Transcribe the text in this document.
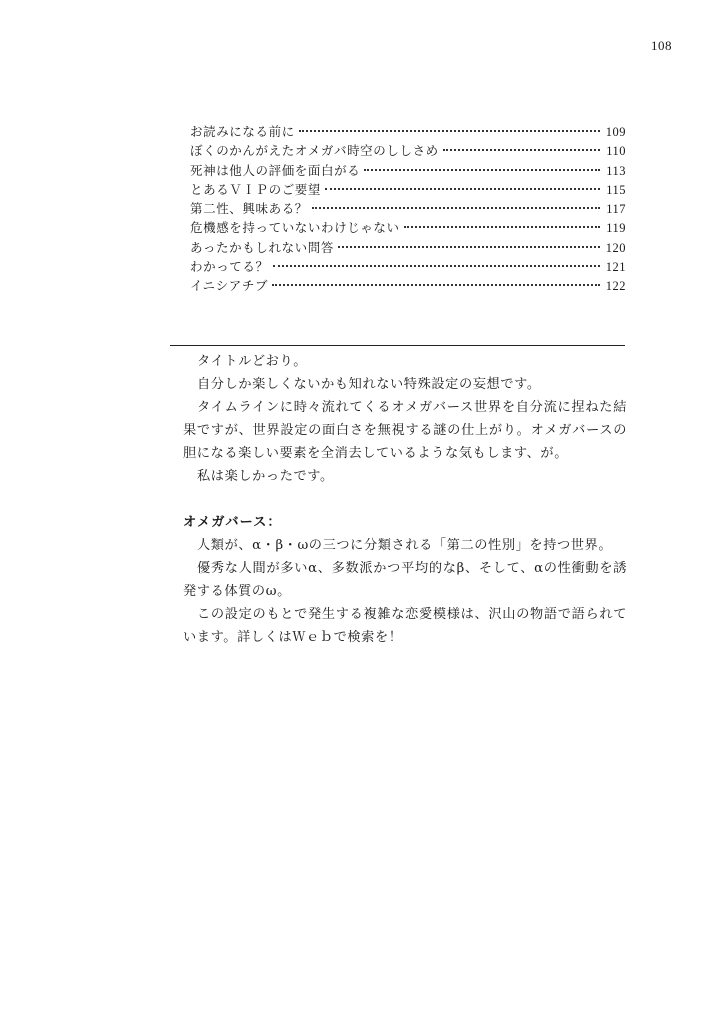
108
お読みになる前に	109
ぼくのかんがえたオメガバ時空のししさめ	110
死神は他人の評価を面白がる	113
とあるＶＩＰのご要望	115
第二性、興味ある？	117
危機感を持っていないわけじゃない	119
あったかもしれない問答	120
わかってる？	121
イニシアチブ	122

タイトルどおり。

自分しか楽しくないかも知れない特殊設定の妄想です。

タイムラインに時々流れてくるオメガバース世界を自分流に捏ねた結果ですが、世界設定の面白さを無視する謎の仕上がり。オメガバースの胆になる楽しい要素を全消去しているような気もします、が。

私は楽しかったです。

オメガバース：

人類が、α・β・ωの三つに分類される「第二の性別」を持つ世界。

優秀な人間が多いα、多数派かつ平均的なβ、そして、αの性衝動を誘発する体質のω。

この設定のもとで発生する複雑な恋愛模様は、沢山の物語で語られています。詳しくはＷｅｂで検索を！
